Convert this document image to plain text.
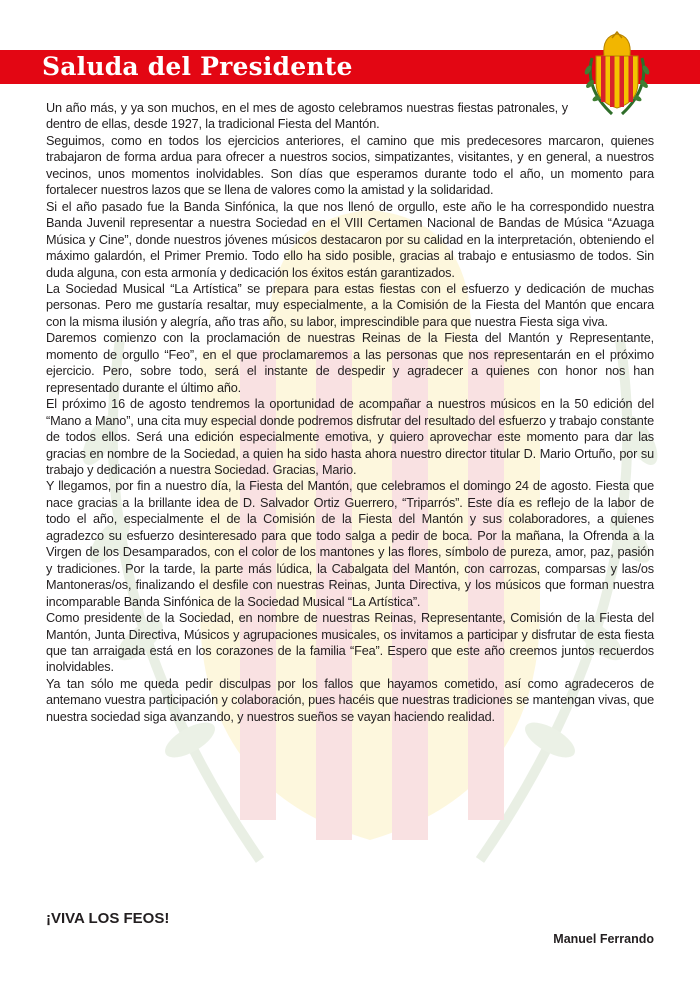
Saluda del Presidente

Un año más, y ya son muchos, en el mes de agosto celebramos nuestras fiestas patronales, y dentro de ellas, desde 1927, la tradicional Fiesta del Mantón.

Seguimos, como en todos los ejercicios anteriores, el camino que mis predecesores marcaron, quienes trabajaron de forma ardua para ofrecer a nuestros socios, simpatizantes, visitantes, y en general, a nuestros vecinos, unos momentos inolvidables. Son días que esperamos durante todo el año, un momento para fortalecer nuestros lazos que se llena de valores como la amistad y la solidaridad.

Si el año pasado fue la Banda Sinfónica, la que nos llenó de orgullo, este año le ha correspondido nuestra Banda Juvenil representar a nuestra Sociedad en el VIII Certamen Nacional de Bandas de Música “Azuaga Música y Cine”, donde nuestros jóvenes músicos destacaron por su calidad en la interpretación, obteniendo el máximo galardón, el Primer Premio. Todo ello ha sido posible, gracias al trabajo e entusiasmo de todos. Sin duda alguna, con esta armonía y dedicación los éxitos están garantizados.

La Sociedad Musical “La Artística” se prepara para estas fiestas con el esfuerzo y dedicación de muchas personas. Pero me gustaría resaltar, muy especialmente, a la Comisión de la Fiesta del Mantón que encara con la misma ilusión y alegría, año tras año, su labor, imprescindible para que nuestra Fiesta siga viva.

Daremos comienzo con la proclamación de nuestras Reinas de la Fiesta del Mantón y Representante, momento de orgullo “Feo”, en el que proclamaremos a las personas que nos representarán en el próximo ejercicio. Pero, sobre todo, será el instante de despedir y agradecer a quienes con honor nos han representado durante el último año.

El próximo 16 de agosto tendremos la oportunidad de acompañar a nuestros músicos en la 50 edición del “Mano a Mano”, una cita muy especial donde podremos disfrutar del resultado del esfuerzo y trabajo constante de todos ellos. Será una edición especialmente emotiva, y quiero aprovechar este momento para dar las gracias en nombre de la Sociedad, a quien ha sido hasta ahora nuestro director titular D. Mario Ortuño, por su trabajo y dedicación a nuestra Sociedad. Gracias, Mario.

Y llegamos, por fin a nuestro día, la Fiesta del Mantón, que celebramos el domingo 24 de agosto. Fiesta que nace gracias a la brillante idea de D. Salvador Ortiz Guerrero, “Triparrós”. Este día es reflejo de la labor de todo el año, especialmente el de la Comisión de la Fiesta del Mantón y sus colaboradores, a quienes agradezco su esfuerzo desinteresado para que todo salga a pedir de boca. Por la mañana, la Ofrenda a la Virgen de los Desamparados, con el color de los mantones y las flores, símbolo de pureza, amor, paz, pasión y tradiciones. Por la tarde, la parte más lúdica, la Cabalgata del Mantón, con carrozas, comparsas y las/os Mantoneras/os, finalizando el desfile con nuestras Reinas, Junta Directiva, y los músicos que forman nuestra incomparable Banda Sinfónica de la Sociedad Musical “La Artística”.

Como presidente de la Sociedad, en nombre de nuestras Reinas, Representante, Comisión de la Fiesta del Mantón, Junta Directiva, Músicos y agrupaciones musicales, os invitamos a participar y disfrutar de esta fiesta que tan arraigada está en los corazones de la familia “Fea”. Espero que este año creemos juntos recuerdos inolvidables.

Ya tan sólo me queda pedir disculpas por los fallos que hayamos cometido, así como agradeceros de antemano vuestra participación y colaboración, pues hacéis que nuestras tradiciones se mantengan vivas, que nuestra sociedad siga avanzando, y nuestros sueños se vayan haciendo realidad.

¡VIVA LOS FEOS!

Manuel Ferrando
